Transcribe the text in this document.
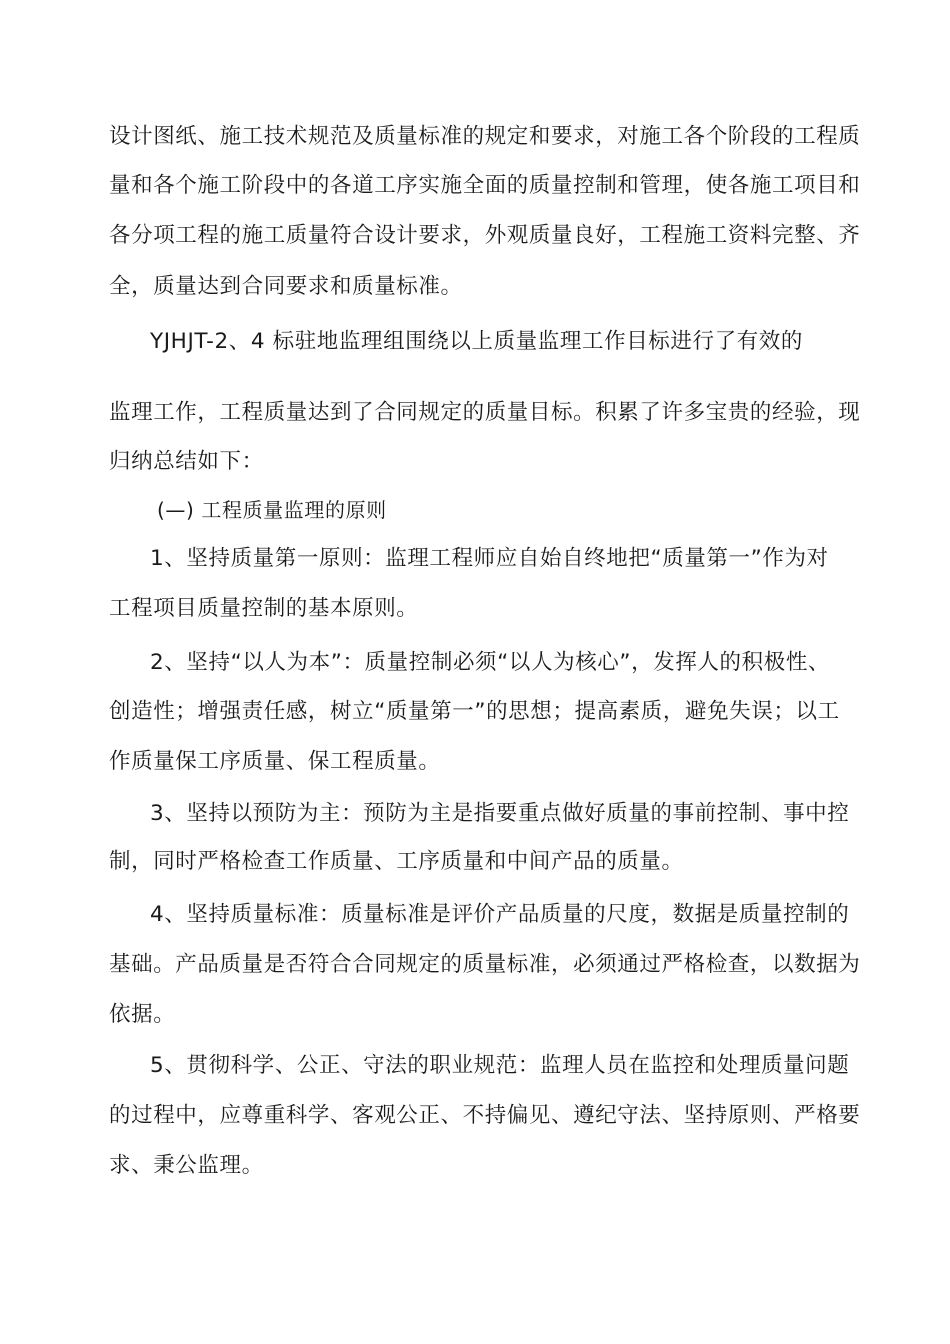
设计图纸、施工技术规范及质量标准的规定和要求，对施工各个阶段的工程质
量和各个施工阶段中的各道工序实施全面的质量控制和管理，使各施工项目和
各分项工程的施工质量符合设计要求，外观质量良好，工程施工资料完整、齐
全，质量达到合同要求和质量标准。
YJHJT-2、4 标驻地监理组围绕以上质量监理工作目标进行了有效的
监理工作，工程质量达到了合同规定的质量目标。积累了许多宝贵的经验，现
归纳总结如下：
(—) 工程质量监理的原则
1、坚持质量第一原则：监理工程师应自始自终地把“质量第一”作为对
工程项目质量控制的基本原则。
2、坚持“以人为本”：质量控制必须“以人为核心”，发挥人的积极性、
创造性；增强责任感，树立“质量第一”的思想；提高素质，避免失误；以工
作质量保工序质量、保工程质量。
3、坚持以预防为主：预防为主是指要重点做好质量的事前控制、事中控
制，同时严格检查工作质量、工序质量和中间产品的质量。
4、坚持质量标准：质量标准是评价产品质量的尺度，数据是质量控制的
基础。产品质量是否符合合同规定的质量标准，必须通过严格检查，以数据为
依据。
5、贯彻科学、公正、守法的职业规范：监理人员在监控和处理质量问题
的过程中，应尊重科学、客观公正、不持偏见、遵纪守法、坚持原则、严格要
求、秉公监理。
